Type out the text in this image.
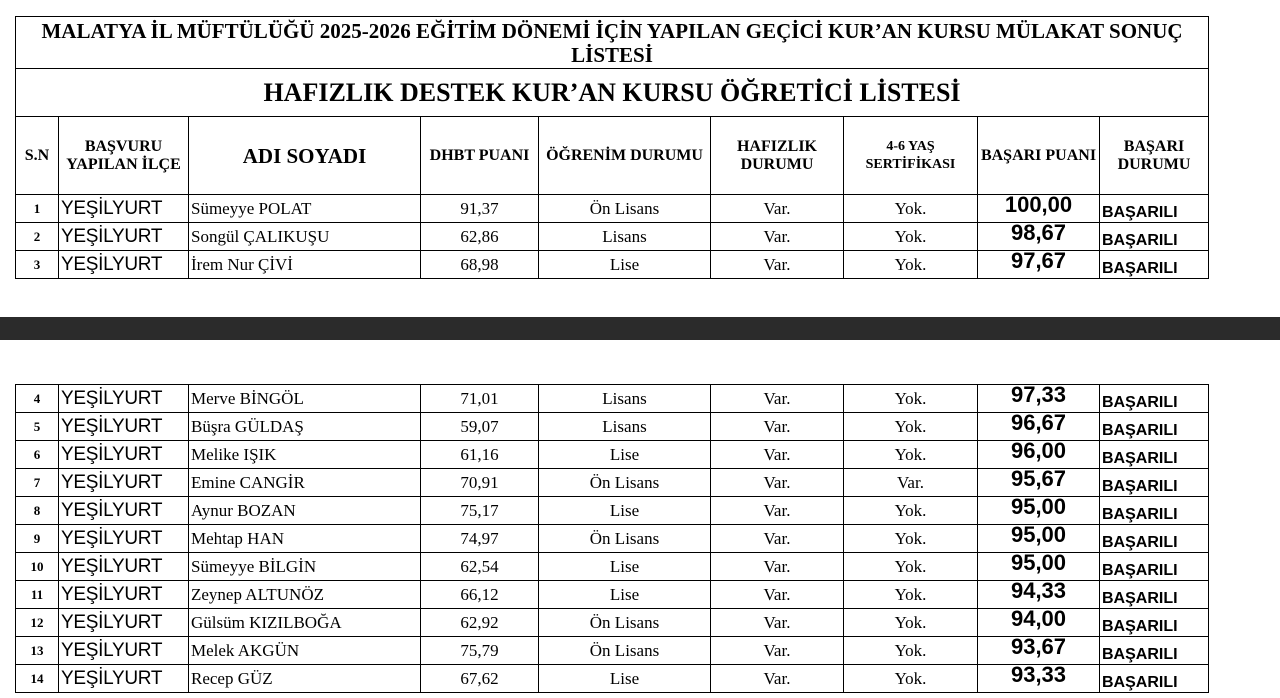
MALATYA İL MÜFTÜLÜĞÜ 2025-2026 EĞİTİM DÖNEMİ İÇİN YAPILAN GEÇİCİ KUR’AN KURSU MÜLAKAT SONUÇ LİSTESİ								
HAFIZLIK DESTEK KUR’AN KURSU ÖĞRETİCİ LİSTESİ								
S.N	BAŞVURU YAPILAN İLÇE	ADI SOYADI	DHBT PUANI	ÖĞRENİM DURUMU	HAFIZLIK DURUMU	4-6 YAŞ SERTİFİKASI	BAŞARI PUANI	BAŞARI DURUMU
1	YEŞİLYURT	Sümeyye POLAT	91,37	Ön Lisans	Var.	Yok.	100,00	BAŞARILI
2	YEŞİLYURT	Songül ÇALIKUŞU	62,86	Lisans	Var.	Yok.	98,67	BAŞARILI
3	YEŞİLYURT	İrem Nur ÇİVİ	68,98	Lise	Var.	Yok.	97,67	BAŞARILI
4	YEŞİLYURT	Merve BİNGÖL	71,01	Lisans	Var.	Yok.	97,33	BAŞARILI
5	YEŞİLYURT	Büşra GÜLDAŞ	59,07	Lisans	Var.	Yok.	96,67	BAŞARILI
6	YEŞİLYURT	Melike IŞIK	61,16	Lise	Var.	Yok.	96,00	BAŞARILI
7	YEŞİLYURT	Emine CANGİR	70,91	Ön Lisans	Var.	Var.	95,67	BAŞARILI
8	YEŞİLYURT	Aynur BOZAN	75,17	Lise	Var.	Yok.	95,00	BAŞARILI
9	YEŞİLYURT	Mehtap HAN	74,97	Ön Lisans	Var.	Yok.	95,00	BAŞARILI
10	YEŞİLYURT	Sümeyye BİLGİN	62,54	Lise	Var.	Yok.	95,00	BAŞARILI
11	YEŞİLYURT	Zeynep ALTUNÖZ	66,12	Lise	Var.	Yok.	94,33	BAŞARILI
12	YEŞİLYURT	Gülsüm KIZILBOĞA	62,92	Ön Lisans	Var.	Yok.	94,00	BAŞARILI
13	YEŞİLYURT	Melek AKGÜN	75,79	Ön Lisans	Var.	Yok.	93,67	BAŞARILI
14	YEŞİLYURT	Recep GÜZ	67,62	Lise	Var.	Yok.	93,33	BAŞARILI
